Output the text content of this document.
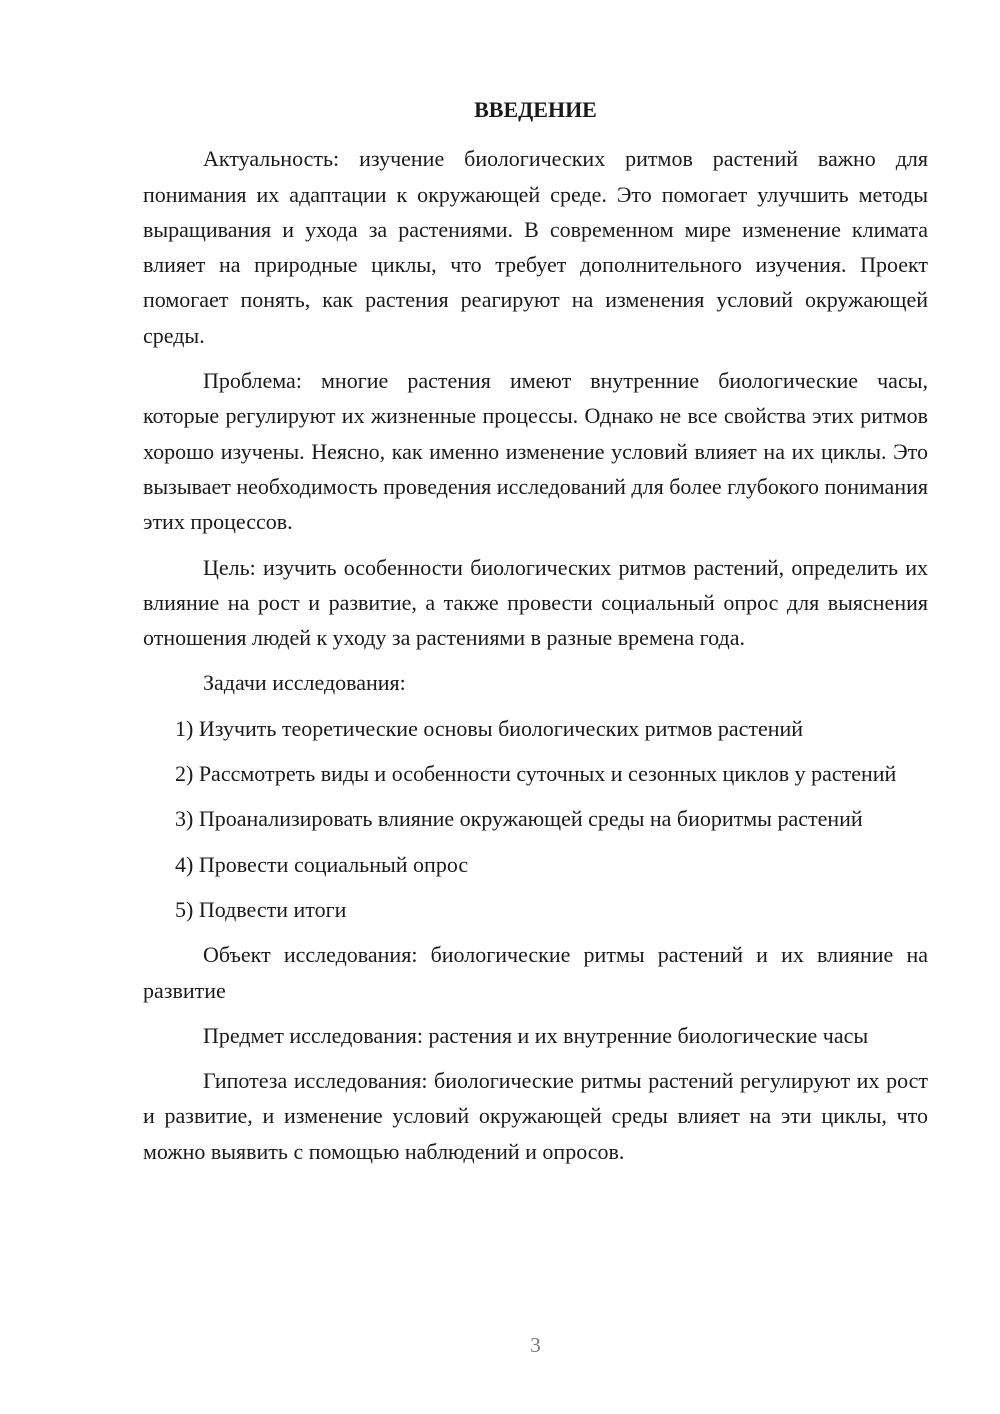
ВВЕДЕНИЕ

Актуальность: изучение биологических ритмов растений важно для понимания их адаптации к окружающей среде. Это помогает улучшить методы выращивания и ухода за растениями. В современном мире изменение климата влияет на природные циклы, что требует дополнительного изучения. Проект помогает понять, как растения реагируют на изменения условий окружающей среды.

Проблема: многие растения имеют внутренние биологические часы, которые регулируют их жизненные процессы. Однако не все свойства этих ритмов хорошо изучены. Неясно, как именно изменение условий влияет на их циклы. Это вызывает необходимость проведения исследований для более глубокого понимания этих процессов.

Цель: изучить особенности биологических ритмов растений, определить их влияние на рост и развитие, а также провести социальный опрос для выяснения отношения людей к уходу за растениями в разные времена года.

Задачи исследования:

1) Изучить теоретические основы биологических ритмов растений

2) Рассмотреть виды и особенности суточных и сезонных циклов у растений

3) Проанализировать влияние окружающей среды на биоритмы растений

4) Провести социальный опрос

5) Подвести итоги

Объект исследования: биологические ритмы растений и их влияние на развитие

Предмет исследования: растения и их внутренние биологические часы

Гипотеза исследования: биологические ритмы растений регулируют их рост и развитие, и изменение условий окружающей среды влияет на эти циклы, что можно выявить с помощью наблюдений и опросов.

3
